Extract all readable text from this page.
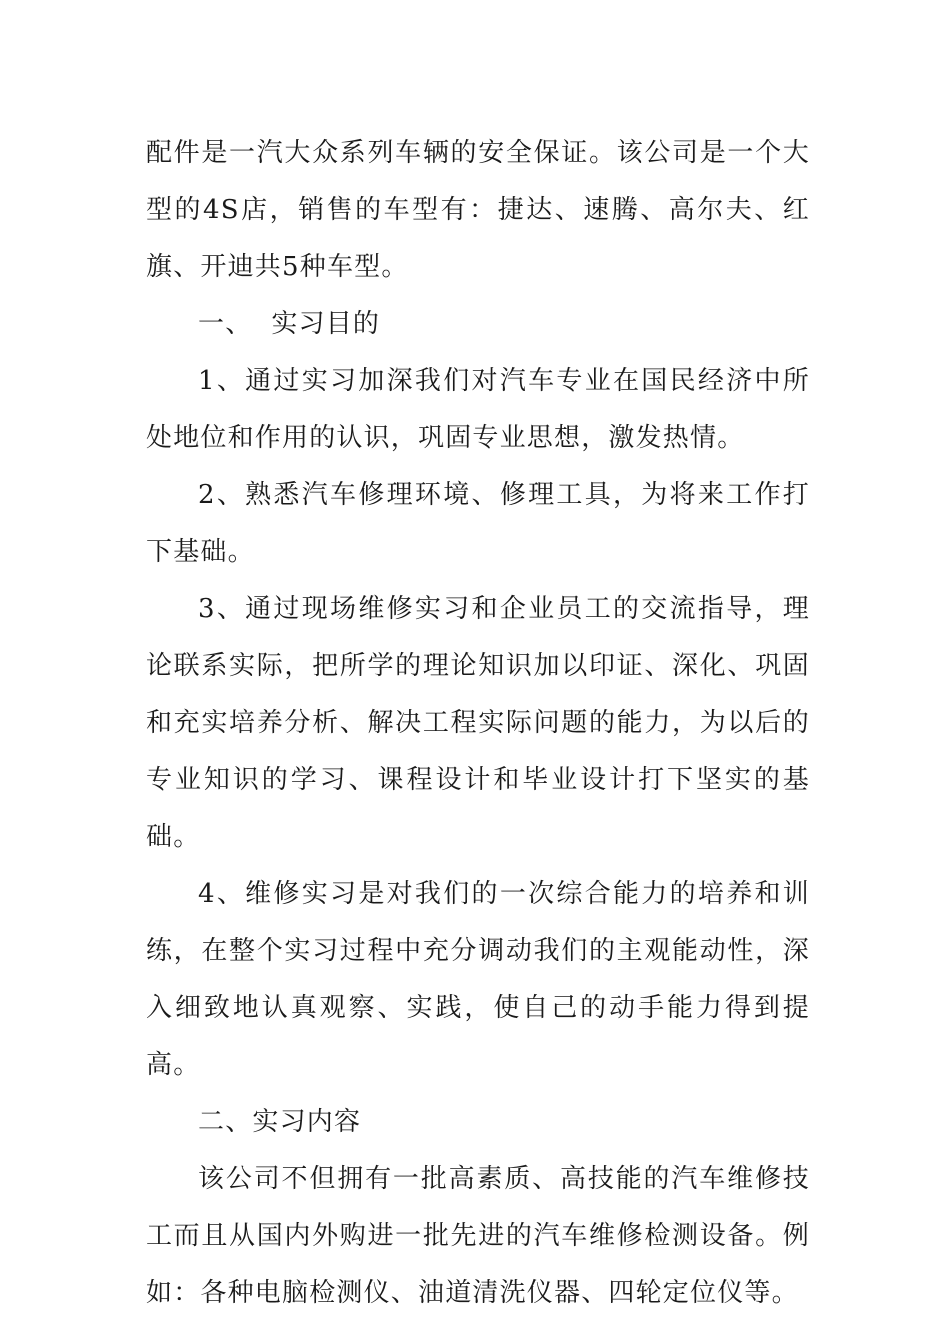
配件是一汽大众系列车辆的安全保证。该公司是一个大型的4S店，销售的车型有：捷达、速腾、高尔夫、红旗、开迪共5种车型。

一、  实习目的

1、通过实习加深我们对汽车专业在国民经济中所处地位和作用的认识，巩固专业思想，激发热情。

2、熟悉汽车修理环境、修理工具，为将来工作打下基础。

3、通过现场维修实习和企业员工的交流指导，理论联系实际，把所学的理论知识加以印证、深化、巩固和充实培养分析、解决工程实际问题的能力，为以后的专业知识的学习、课程设计和毕业设计打下坚实的基础。

4、维修实习是对我们的一次综合能力的培养和训练，在整个实习过程中充分调动我们的主观能动性，深入细致地认真观察、实践，使自己的动手能力得到提高。

二、实习内容

该公司不但拥有一批高素质、高技能的汽车维修技工而且从国内外购进一批先进的汽车维修检测设备。例如：各种电脑检测仪、油道清洗仪器、四轮定位仪等。
